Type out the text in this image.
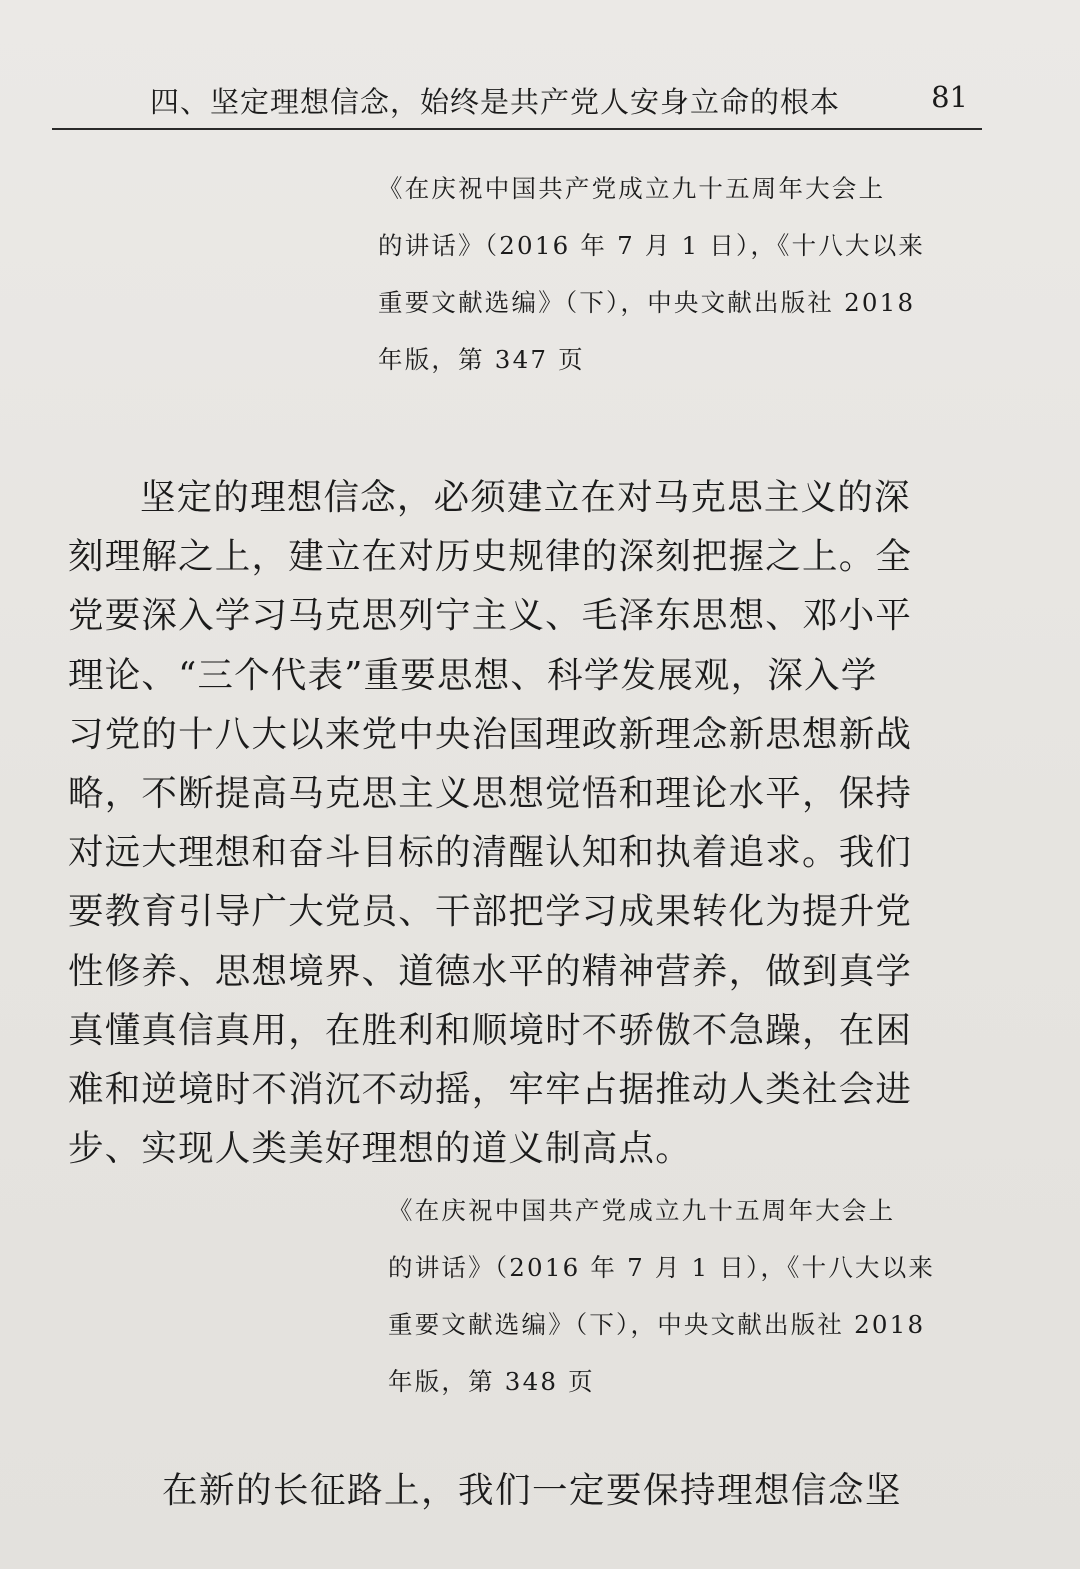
四、坚定理想信念，始终是共产党人安身立命的根本	81
《在庆祝中国共产党成立九十五周年大会上
的讲话》（2016 年 7 月 1 日），《十八大以来
重要文献选编》（下），中央文献出版社 2018
年版，第 347 页
坚定的理想信念，必须建立在对马克思主义的深
刻理解之上，建立在对历史规律的深刻把握之上。全
党要深入学习马克思列宁主义、毛泽东思想、邓小平
理论、“三个代表”重要思想、科学发展观，深入学
习党的十八大以来党中央治国理政新理念新思想新战
略，不断提高马克思主义思想觉悟和理论水平，保持
对远大理想和奋斗目标的清醒认知和执着追求。我们
要教育引导广大党员、干部把学习成果转化为提升党
性修养、思想境界、道德水平的精神营养，做到真学
真懂真信真用，在胜利和顺境时不骄傲不急躁，在困
难和逆境时不消沉不动摇，牢牢占据推动人类社会进
步、实现人类美好理想的道义制高点。
《在庆祝中国共产党成立九十五周年大会上
的讲话》（2016 年 7 月 1 日），《十八大以来
重要文献选编》（下），中央文献出版社 2018
年版，第 348 页
在新的长征路上，我们一定要保持理想信念坚
